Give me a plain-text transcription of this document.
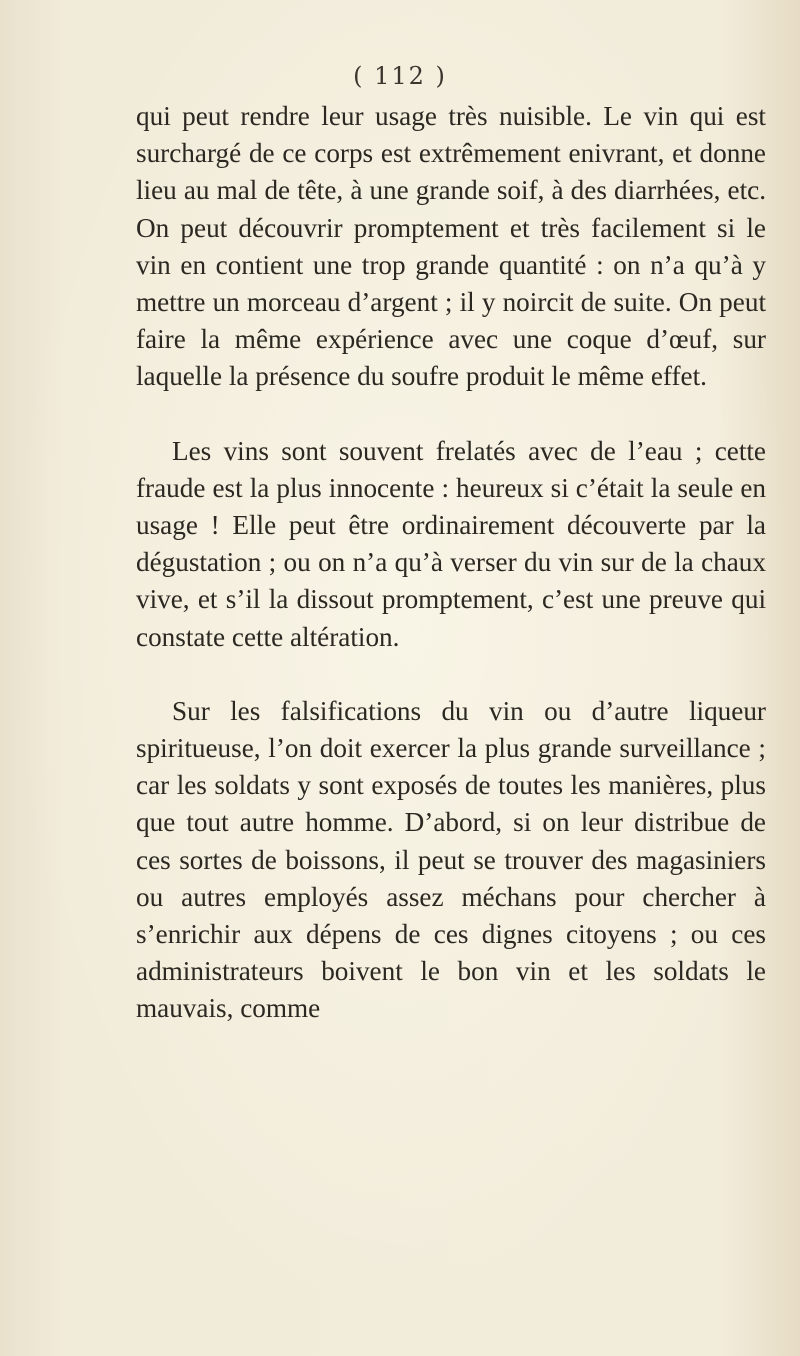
( 112 )

qui peut rendre leur usage très nuisible. Le vin qui est surchargé de ce corps est extrêmement enivrant, et donne lieu au mal de tête, à une grande soif, à des diarrhées, etc. On peut découvrir promptement et très facilement si le vin en contient une trop grande quantité : on n’a qu’à y mettre un morceau d’argent ; il y noircit de suite. On peut faire la même expérience avec une coque d’œuf, sur laquelle la présence du soufre produit le même effet.

Les vins sont souvent frelatés avec de l’eau ; cette fraude est la plus innocente : heureux si c’était la seule en usage ! Elle peut être ordinairement découverte par la dégustation ; ou on n’a qu’à verser du vin sur de la chaux vive, et s’il la dissout promptement, c’est une preuve qui constate cette altération.

Sur les falsifications du vin ou d’autre liqueur spiritueuse, l’on doit exercer la plus grande surveillance ; car les soldats y sont exposés de toutes les manières, plus que tout autre homme. D’abord, si on leur distribue de ces sortes de boissons, il peut se trouver des magasiniers ou autres employés assez méchans pour chercher à s’enrichir aux dépens de ces dignes citoyens ; ou ces administrateurs boivent le bon vin et les soldats le mauvais, comme
